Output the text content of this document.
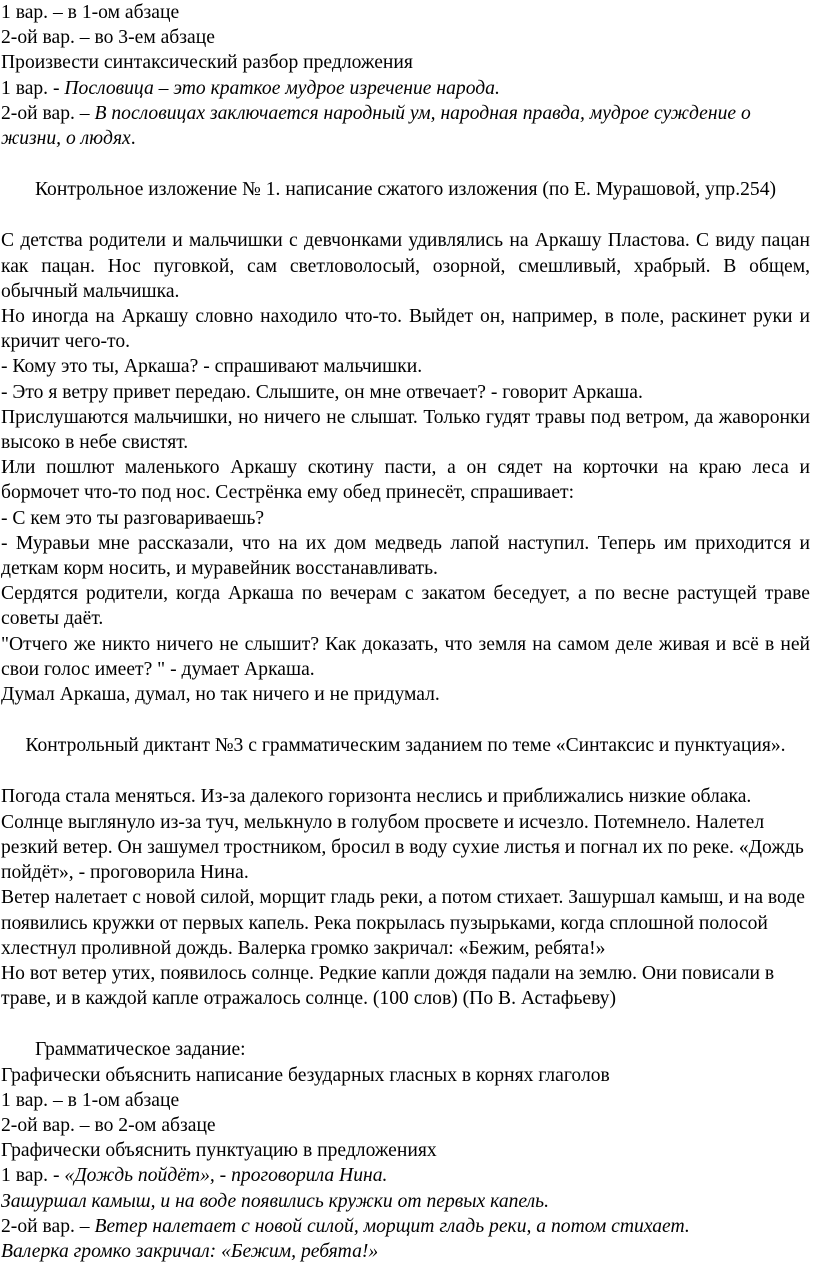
1 вар. – в 1-ом абзаце

2-ой вар. – во 3-ем абзаце

Произвести синтаксический разбор предложения

1 вар. - Пословица – это краткое мудрое изречение народа.

2-ой вар. – В пословицах заключается народный ум, народная правда, мудрое суждение о жизни, о людях.

Контрольное изложение № 1. написание сжатого изложения (по Е. Мурашовой, упр.254)

С детства родители и мальчишки с девчонками удивлялись на Аркашу Пластова. С виду пацан как пацан. Нос пуговкой, сам светловолосый, озорной, смешливый, храбрый. В общем, обычный мальчишка.

Но иногда на Аркашу словно находило что-то. Выйдет он, например, в поле, раскинет руки и кричит чего-то.

- Кому это ты, Аркаша? - спрашивают мальчишки.

- Это я ветру привет передаю. Слышите, он мне отвечает? - говорит Аркаша.

Прислушаются мальчишки, но ничего не слышат. Только гудят травы под ветром, да жаворонки высоко в небе свистят.

Или пошлют маленького Аркашу скотину пасти, а он сядет на корточки на краю леса и бормочет что-то под нос. Сестрёнка ему обед принесёт, спрашивает:

- С кем это ты разговариваешь?

- Муравьи мне рассказали, что на их дом медведь лапой наступил. Теперь им приходится и деткам корм носить, и муравейник восстанавливать.

Сердятся родители, когда Аркаша по вечерам с закатом беседует, а по весне растущей траве советы даёт.

"Отчего же никто ничего не слышит? Как доказать, что земля на самом деле живая и всё в ней свои голос имеет? " - думает Аркаша.

Думал Аркаша, думал, но так ничего и не придумал.

Контрольный диктант №3 с грамматическим заданием по теме «Синтаксис и пунктуация».

Погода стала меняться. Из-за далекого горизонта неслись и приближались низкие облака. Солнце выглянуло из-за туч, мелькнуло в голубом просвете и исчезло. Потемнело. Налетел резкий ветер. Он зашумел тростником, бросил в воду сухие листья и погнал их по реке. «Дождь пойдёт», - проговорила Нина.

Ветер налетает с новой силой, морщит гладь реки, а потом стихает. Зашуршал камыш, и на воде появились кружки от первых капель. Река покрылась пузырьками, когда сплошной полосой хлестнул проливной дождь. Валерка громко закричал: «Бежим, ребята!»

Но вот ветер утих, появилось солнце. Редкие капли дождя падали на землю. Они повисали в траве, и в каждой капле отражалось солнце. (100 слов) (По В. Астафьеву)

Грамматическое задание:

Графически объяснить написание безударных гласных в корнях глаголов

1 вар. – в 1-ом абзаце

2-ой вар. – во 2-ом абзаце

Графически объяснить пунктуацию в предложениях

1 вар. - «Дождь пойдёт», - проговорила Нина.

Зашуршал камыш, и на воде появились кружки от первых капель.

2-ой вар. – Ветер налетает с новой силой, морщит гладь реки, а потом стихает.

Валерка громко закричал: «Бежим, ребята!»
